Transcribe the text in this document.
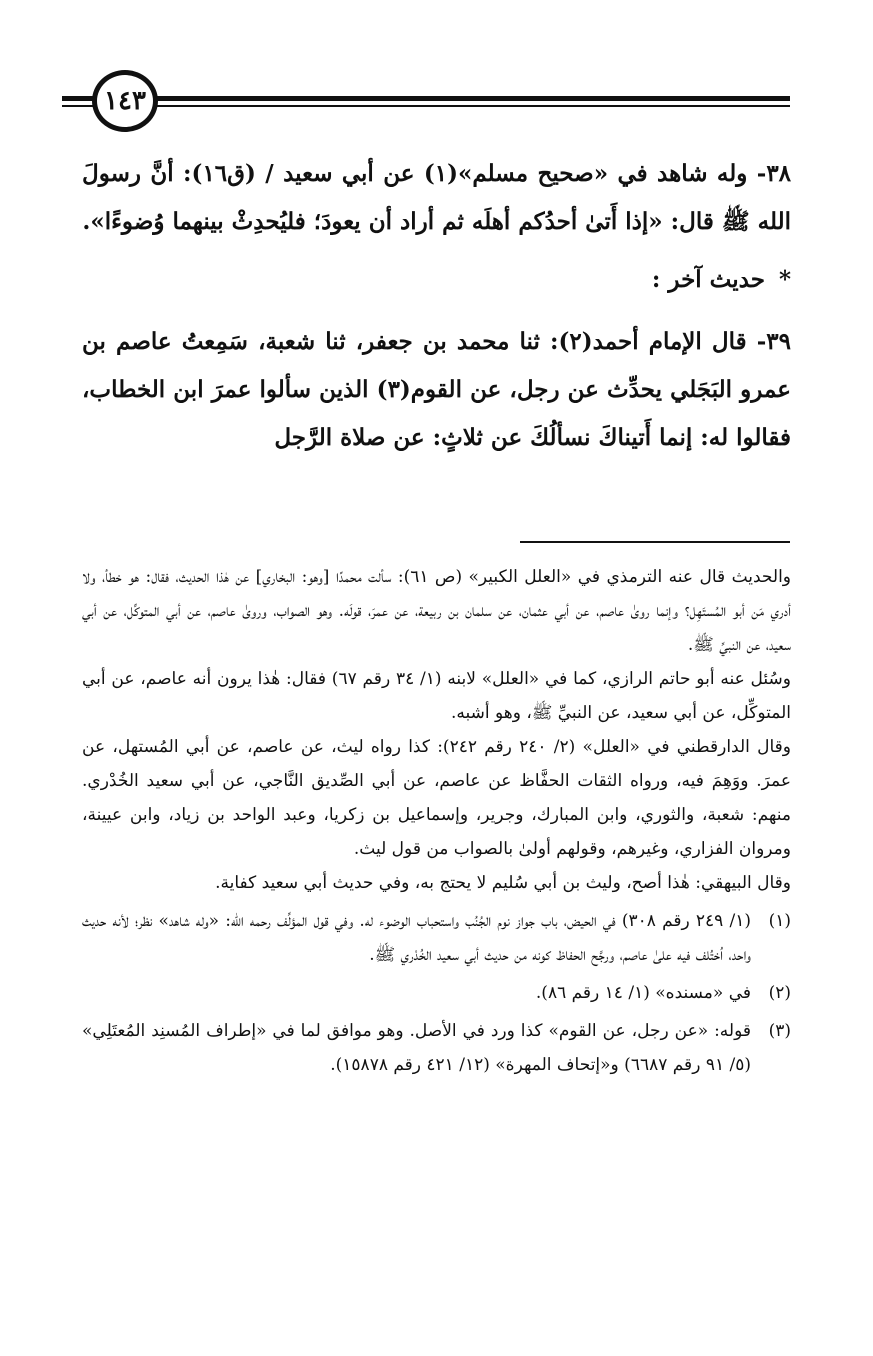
١٤٣

٣٨- وله شاهد في «صحيح مسلم»(١) عن أبي سعيد / (ق١٦): أنَّ رسولَ الله ﷺ قال: «إذا أَتىٰ أحدُكم أهلَه ثم أراد أن يعودَ؛ فليُحدِثْ بينهما وُضوءًا».

*حديث آخر :

٣٩- قال الإمام أحمد(٢): ثنا محمد بن جعفر، ثنا شعبة، سَمِعتُ عاصم بن عمرو البَجَلي يحدِّث عن رجل، عن القوم(٣) الذين سألوا عمرَ ابن الخطاب، فقالوا له: إنما أَتيناكَ نسألُكَ عن ثلاثٍ: عن صلاة الرَّجل

والحديث قال عنه الترمذي في «العلل الكبير» (ص ٦١): سألت محمدًا [وهو: البخاري] عن هٰذا الحديث، فقال: هو خطأ، ولا أدري مَن أبو المُستَهِل؟ وإنما روىٰ عاصم، عن أبي عثمان، عن سلمان بن ربيعة، عن عمرَ، قولَه. وهو الصواب، وروىٰ عاصم، عن أبي المتوكِّل، عن أبي سعيد، عن النبيِّ ﷺ.

وسُئل عنه أبو حاتم الرازي، كما في «العلل» لابنه (١/ ٣٤ رقم ٦٧) فقال: هٰذا يرون أنه عاصم، عن أبي المتوكِّل، عن أبي سعيد، عن النبيِّ ﷺ، وهو أشبه.

وقال الدارقطني في «العلل» (٢/ ٢٤٠ رقم ٢٤٢): كذا رواه ليث، عن عاصم، عن أبي المُستهل، عن عمرَ. ووَهِمَ فيه، ورواه الثقات الحفَّاظ عن عاصم، عن أبي الصِّديق النَّاجي، عن أبي سعيد الخُدْري. منهم: شعبة، والثوري، وابن المبارك، وجرير، وإسماعيل بن زكريا، وعبد الواحد بن زياد، وابن عيينة، ومروان الفزاري، وغيرهم، وقولهم أولىٰ بالصواب من قول ليث.

وقال البيهقي: هٰذا أصح، وليث بن أبي سُليم لا يحتج به، وفي حديث أبي سعيد كفاية.

(١)
(١/ ٢٤٩ رقم ٣٠٨) في الحيض، باب جواز نوم الجُنُب واستحباب الوضوء له. وفي قول المؤلِّف رحمه الله: «وله شاهد» نظر؛ لأنه حديث واحد، اُختُلف فيه علىٰ عاصم، ورجَّح الحفاظ كونه من حديث أبي سعيد الخُدْري ﷺ.
(٢)
في «مسنده» (١/ ١٤ رقم ٨٦).
(٣)
قوله: «عن رجل، عن القوم» كذا ورد في الأصل. وهو موافق لما في «إطراف المُسنِد المُعتَلِي» (٥/ ٩١ رقم ٦٦٨٧) و«إتحاف المهرة» (١٢/ ٤٢١ رقم ١٥٨٧٨).
